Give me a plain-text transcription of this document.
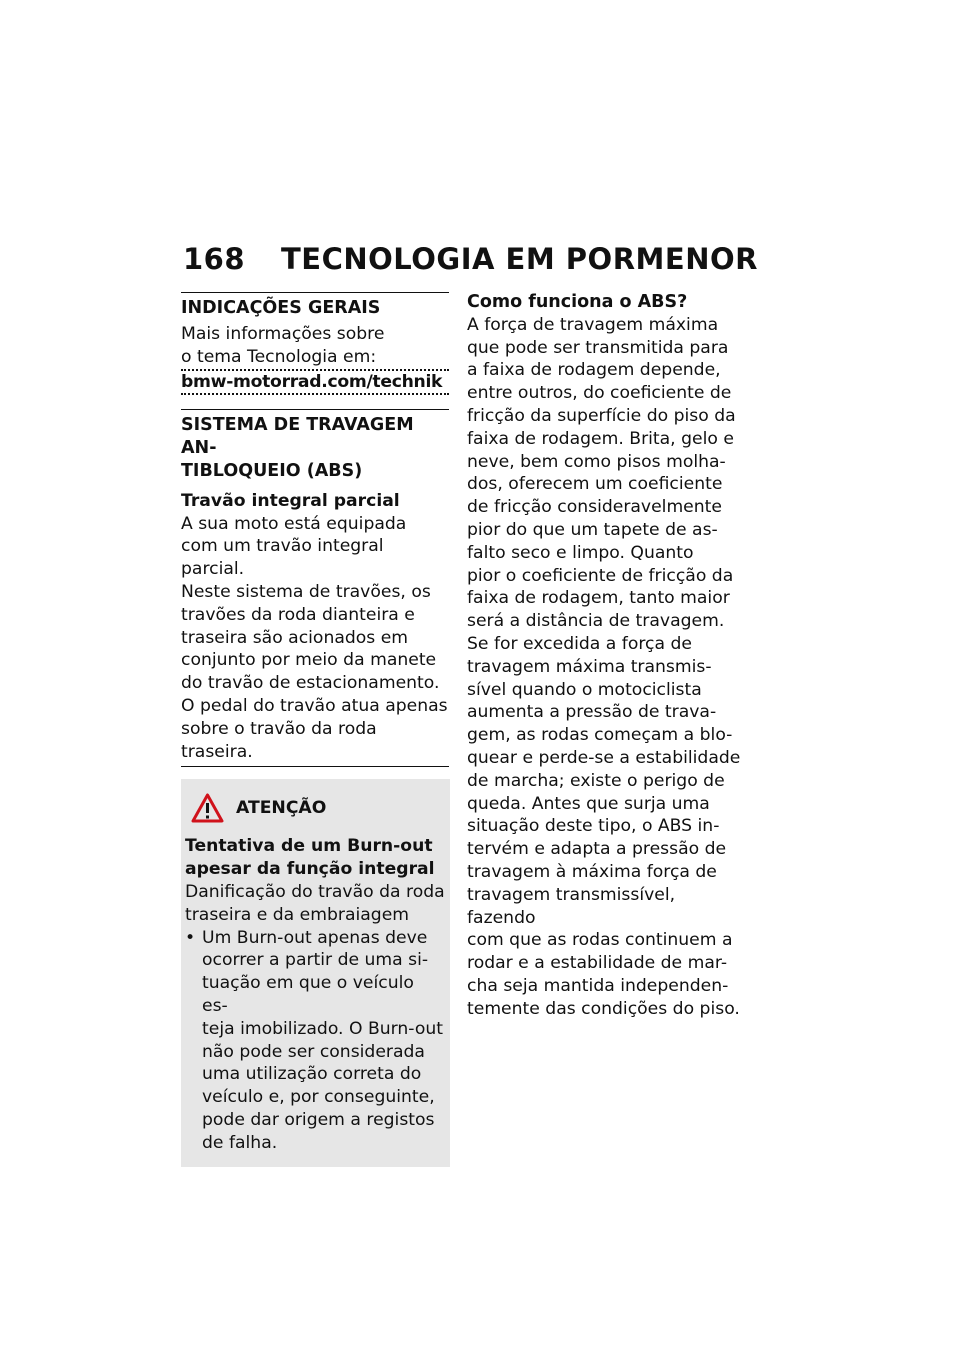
168 TECNOLOGIA EM PORMENOR
INDICAÇÕES GERAIS
Mais informações sobre
o tema Tecnologia em:
bmw-motorrad.com/technik
SISTEMA DE TRAVAGEM AN-
TIBLOQUEIO (ABS)
Travão integral parcial
A sua moto está equipada
com um travão integral parcial.
Neste sistema de travões, os
travões da roda dianteira e
traseira são acionados em
conjunto por meio da manete
do travão de estacionamento.
O pedal do travão atua apenas
sobre o travão da roda traseira.
ATENÇÃO
Tentativa de um Burn-out
apesar da função integral
Danificação do travão da roda
traseira e da embraiagem
• Um Burn-out apenas deve
ocorrer a partir de uma si-
tuação em que o veículo es-
teja imobilizado. O Burn-out
não pode ser considerada
uma utilização correta do
veículo e, por conseguinte,
pode dar origem a registos
de falha.
Como funciona o ABS?
A força de travagem máxima
que pode ser transmitida para
a faixa de rodagem depende,
entre outros, do coeficiente de
fricção da superfície do piso da
faixa de rodagem. Brita, gelo e
neve, bem como pisos molha-
dos, oferecem um coeficiente
de fricção consideravelmente
pior do que um tapete de as-
falto seco e limpo. Quanto
pior o coeficiente de fricção da
faixa de rodagem, tanto maior
será a distância de travagem.
Se for excedida a força de
travagem máxima transmis-
sível quando o motociclista
aumenta a pressão de trava-
gem, as rodas começam a blo-
quear e perde-se a estabilidade
de marcha; existe o perigo de
queda. Antes que surja uma
situação deste tipo, o ABS in-
tervém e adapta a pressão de
travagem à máxima força de
travagem transmissível, fazendo
com que as rodas continuem a
rodar e a estabilidade de mar-
cha seja mantida independen-
temente das condições do piso.
